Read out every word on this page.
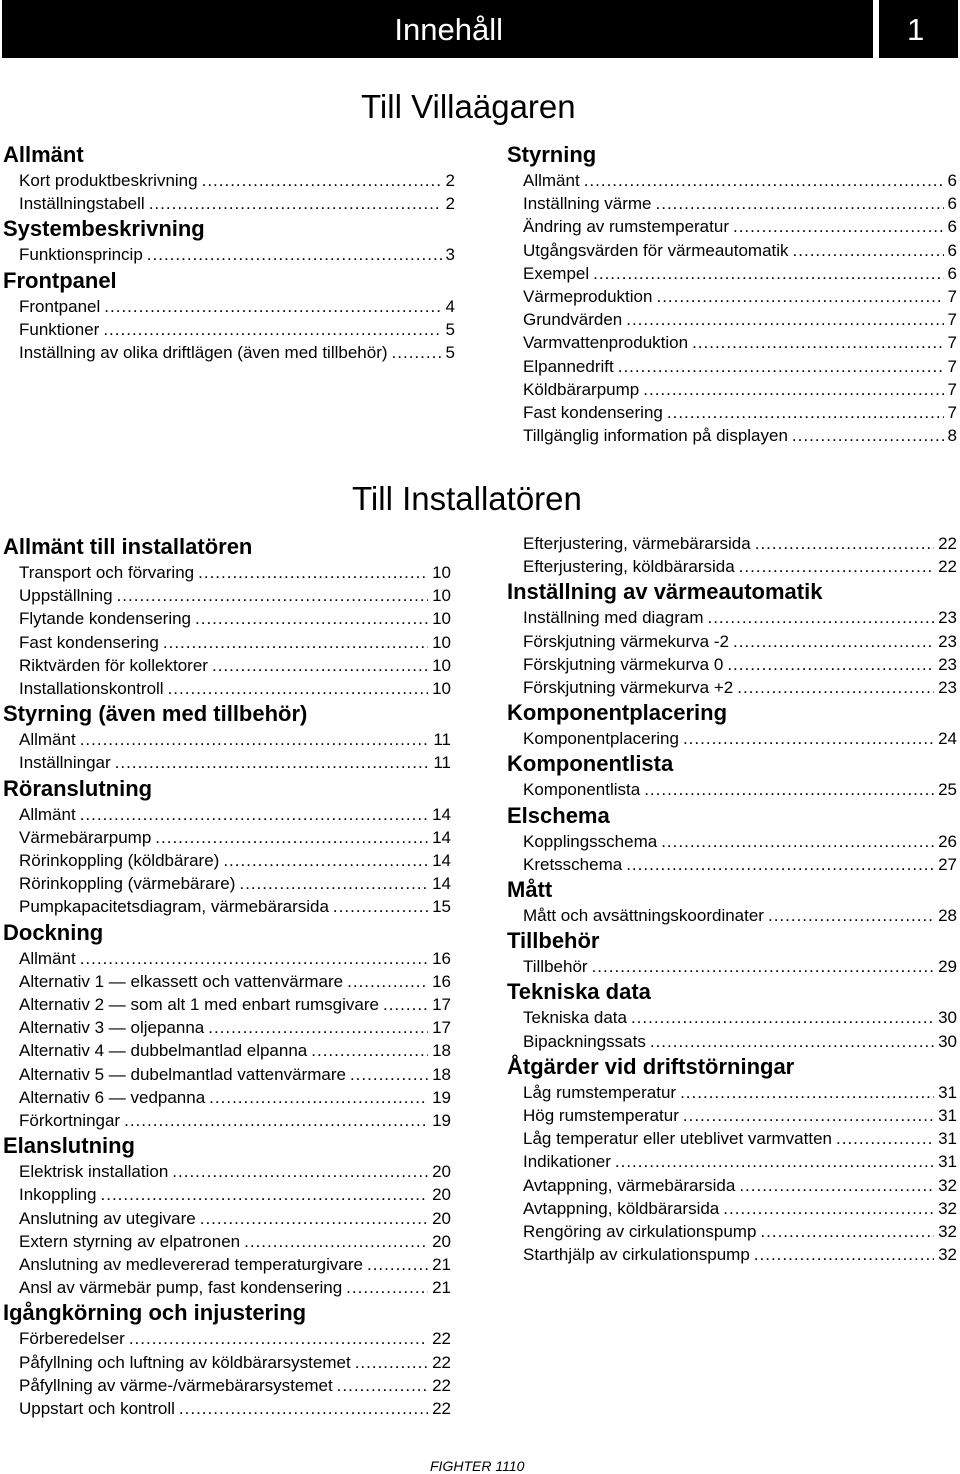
Innehåll	1
Till Villaägaren
Allmänt
Kort produktbeskrivning .....	2
Inställningstabell .....	2
Systembeskrivning
Funktionsprincip .....	3
Frontpanel
Frontpanel .....	4
Funktioner .....	5
Inställning av olika driftlägen (även med tillbehör) .....	5
Styrning
Allmänt .....	6
Inställning värme .....	6
Ändring av rumstemperatur .....	6
Utgångsvärden för värmeautomatik .....	6
Exempel .....	6
Värmeproduktion .....	7
Grundvärden .....	7
Varmvattenproduktion .....	7
Elpannedrift .....	7
Köldbärarpump .....	7
Fast kondensering .....	7
Tillgänglig information på displayen .....	8
Till Installatören
Allmänt till installatören
Transport och förvaring .....	10
Uppställning .....	10
Flytande kondensering .....	10
Fast kondensering .....	10
Riktvärden för kollektorer .....	10
Installationskontroll .....	10
Styrning (även med tillbehör)
Allmänt .....	11
Inställningar .....	11
Röranslutning
Allmänt .....	14
Värmebärarpump .....	14
Rörinkoppling (köldbärare) .....	14
Rörinkoppling (värmebärare) .....	14
Pumpkapacitetsdiagram, värmebärarsida .....	15
Dockning
Allmänt .....	16
Alternativ 1 — elkassett och vattenvärmare .....	16
Alternativ 2 — som alt 1 med enbart rumsgivare .....	17
Alternativ 3 — oljepanna .....	17
Alternativ 4 — dubbelmantlad elpanna .....	18
Alternativ 5 — dubelmantlad vattenvärmare .....	18
Alternativ 6 — vedpanna .....	19
Förkortningar .....	19
Elanslutning
Elektrisk installation .....	20
Inkoppling .....	20
Anslutning av utegivare .....	20
Extern styrning av elpatronen .....	20
Anslutning av medlevererad temperaturgivare .....	21
Ansl av värmebär pump, fast kondensering .....	21
Igångkörning och injustering
Förberedelser .....	22
Påfyllning och luftning av köldbärarsystemet .....	22
Påfyllning av värme-/värmebärarsystemet .....	22
Uppstart och kontroll .....	22
Efterjustering, värmebärarsida .....	22
Efterjustering, köldbärarsida .....	22
Inställning av värmeautomatik
Inställning med diagram .....	23
Förskjutning värmekurva -2 .....	23
Förskjutning värmekurva 0 .....	23
Förskjutning värmekurva +2 .....	23
Komponentplacering
Komponentplacering .....	24
Komponentlista
Komponentlista .....	25
Elschema
Kopplingsschema .....	26
Kretsschema .....	27
Mått
Mått och avsättningskoordinater .....	28
Tillbehör
Tillbehör .....	29
Tekniska data
Tekniska data .....	30
Bipackningssats .....	30
Åtgärder vid driftstörningar
Låg rumstemperatur .....	31
Hög rumstemperatur .....	31
Låg temperatur eller uteblivet varmvatten .....	31
Indikationer .....	31
Avtappning, värmebärarsida .....	32
Avtappning, köldbärarsida .....	32
Rengöring av cirkulationspump .....	32
Starthjälp av cirkulationspump .....	32
FIGHTER 1110
